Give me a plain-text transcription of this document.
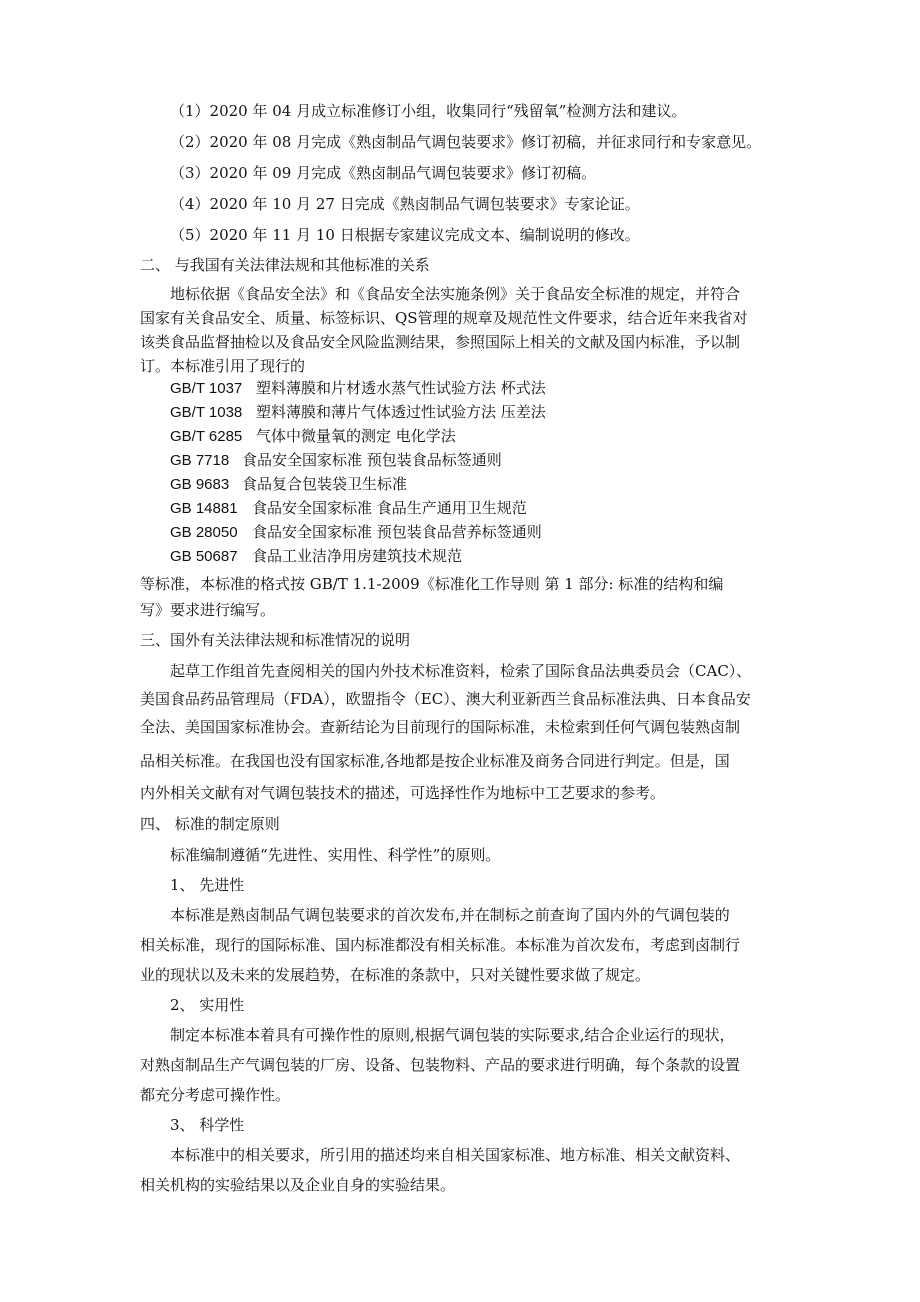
（1）2020 年 04 月成立标准修订小组，收集同行“残留氧”检测方法和建议。
（2）2020 年 08 月完成《熟卤制品气调包装要求》修订初稿，并征求同行和专家意见。
（3）2020 年 09 月完成《熟卤制品气调包装要求》修订初稿。
（4）2020 年 10 月 27 日完成《熟卤制品气调包装要求》专家论证。
（5）2020 年 11 月 10 日根据专家建议完成文本、编制说明的修改。
二、 与我国有关法律法规和其他标准的关系
地标依据《食品安全法》和《食品安全法实施条例》关于食品安全标准的规定，并符合
国家有关食品安全、质量、标签标识、QS管理的规章及规范性文件要求，结合近年来我省对
该类食品监督抽检以及食品安全风险监测结果，参照国际上相关的文献及国内标准，予以制
订。本标准引用了现行的
GB/T 1037 塑料薄膜和片材透水蒸气性试验方法 杯式法
GB/T 1038 塑料薄膜和薄片气体透过性试验方法 压差法
GB/T 6285 气体中微量氧的测定 电化学法
GB 7718 食品安全国家标准 预包装食品标签通则
GB 9683 食品复合包装袋卫生标准
GB 14881 食品安全国家标准 食品生产通用卫生规范
GB 28050 食品安全国家标准 预包装食品营养标签通则
GB 50687 食品工业洁净用房建筑技术规范
等标准，本标准的格式按 GB/T 1.1-2009《标准化工作导则 第 1 部分: 标准的结构和编
写》要求进行编写。
三、国外有关法律法规和标准情况的说明
起草工作组首先查阅相关的国内外技术标准资料，检索了国际食品法典委员会（CAC）、
美国食品药品管理局（FDA），欧盟指令（EC）、澳大利亚新西兰食品标准法典、日本食品安
全法、美国国家标准协会。查新结论为目前现行的国际标准，未检索到任何气调包装熟卤制
品相关标准。在我国也没有国家标准,各地都是按企业标准及商务合同进行判定。但是，国
内外相关文献有对气调包装技术的描述，可选择性作为地标中工艺要求的参考。
四、 标准的制定原则
标准编制遵循“先进性、实用性、科学性”的原则。
1、 先进性
本标准是熟卤制品气调包装要求的首次发布,并在制标之前查询了国内外的气调包装的
相关标准，现行的国际标准、国内标准都没有相关标准。本标准为首次发布，考虑到卤制行
业的现状以及未来的发展趋势，在标准的条款中，只对关键性要求做了规定。
2、 实用性
制定本标准本着具有可操作性的原则,根据气调包装的实际要求,结合企业运行的现状，
对熟卤制品生产气调包装的厂房、设备、包装物料、产品的要求进行明确，每个条款的设置
都充分考虑可操作性。
3、 科学性
本标准中的相关要求，所引用的描述均来自相关国家标准、地方标准、相关文献资料、
相关机构的实验结果以及企业自身的实验结果。
